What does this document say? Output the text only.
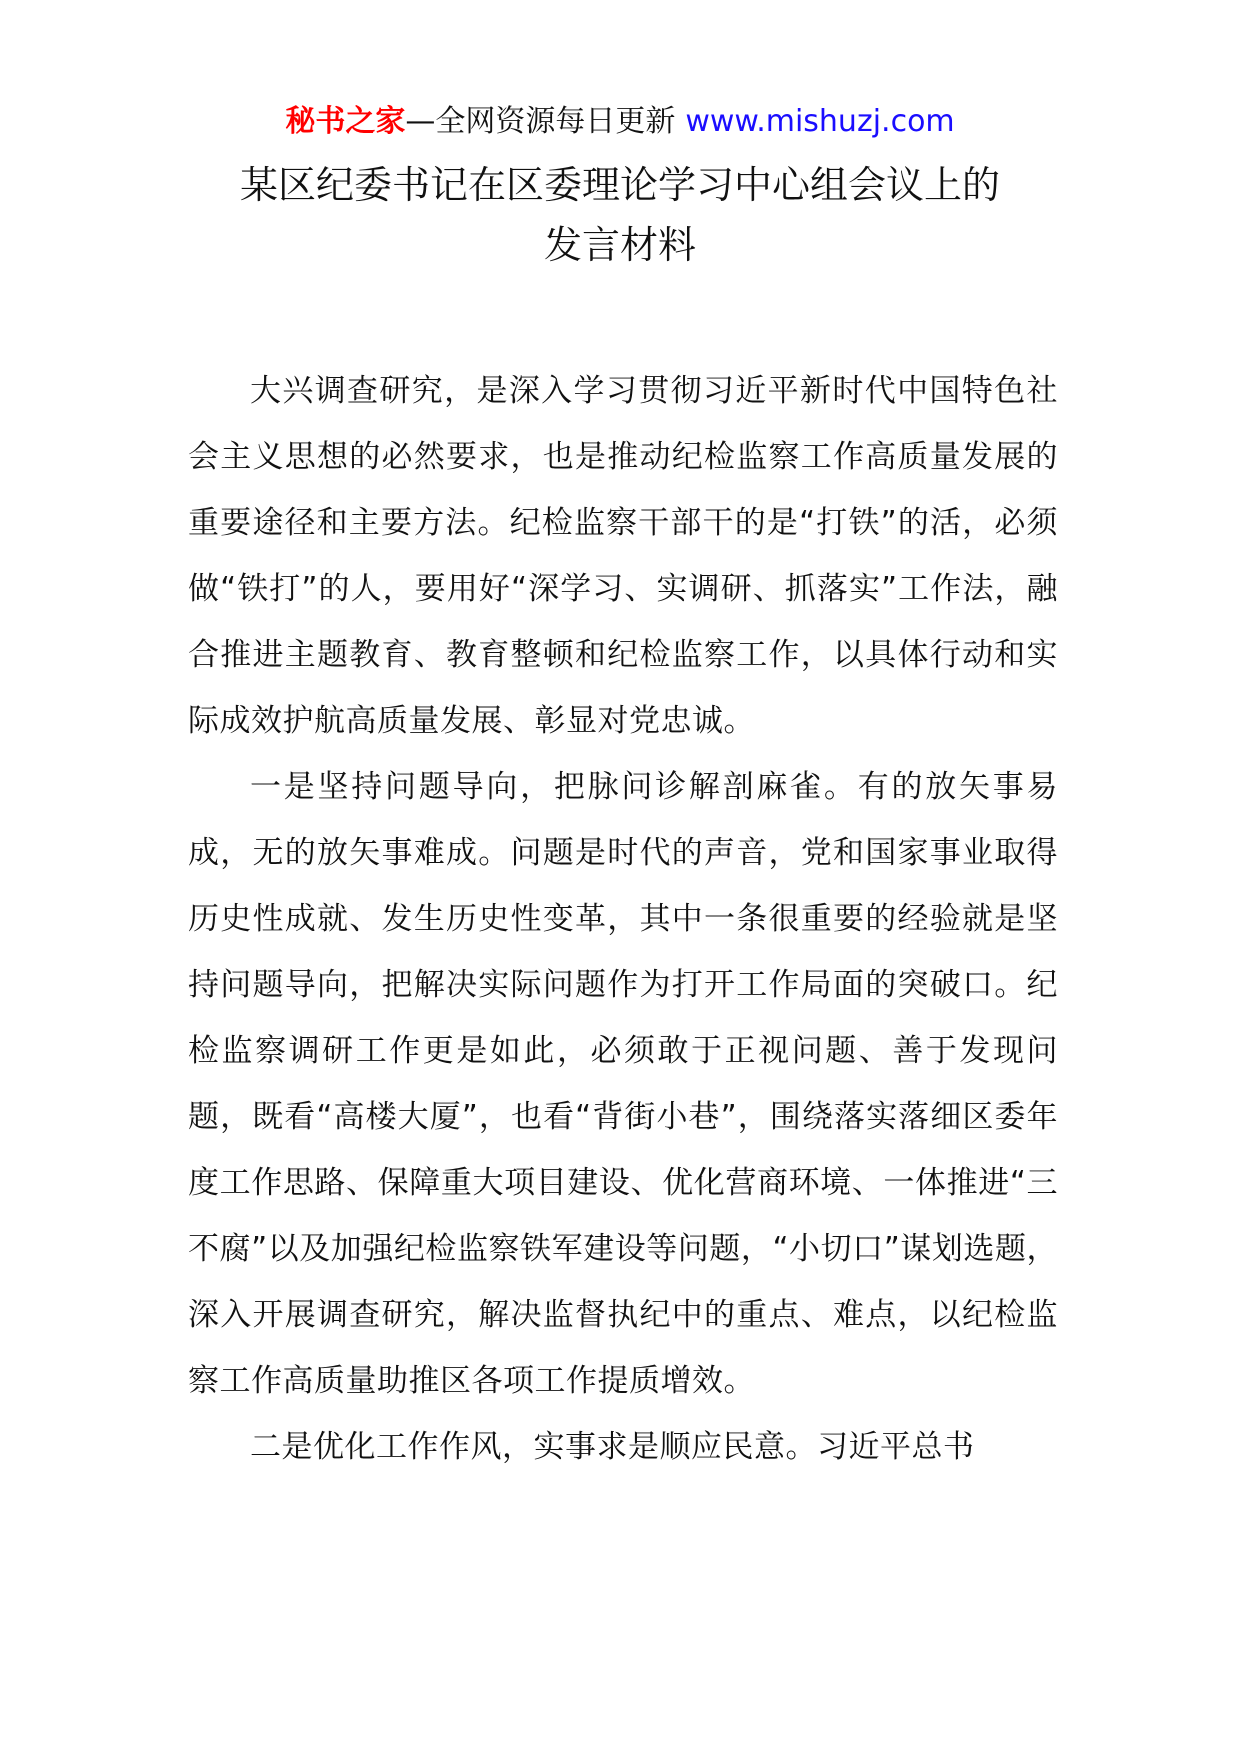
秘书之家—全网资源每日更新 www.mishuzj.com
某区纪委书记在区委理论学习中心组会议上的
发言材料

大兴调查研究，是深入学习贯彻习近平新时代中国特色社会主义思想的必然要求，也是推动纪检监察工作高质量发展的重要途径和主要方法。纪检监察干部干的是“打铁”的活，必须做“铁打”的人，要用好“深学习、实调研、抓落实”工作法，融合推进主题教育、教育整顿和纪检监察工作，以具体行动和实际成效护航高质量发展、彰显对党忠诚。

一是坚持问题导向，把脉问诊解剖麻雀。有的放矢事易成，无的放矢事难成。问题是时代的声音，党和国家事业取得历史性成就、发生历史性变革，其中一条很重要的经验就是坚持问题导向，把解决实际问题作为打开工作局面的突破口。纪检监察调研工作更是如此，必须敢于正视问题、善于发现问题，既看“高楼大厦”，也看“背街小巷”，围绕落实落细区委年度工作思路、保障重大项目建设、优化营商环境、一体推进“三不腐”以及加强纪检监察铁军建设等问题，“小切口”谋划选题，深入开展调查研究，解决监督执纪中的重点、难点，以纪检监察工作高质量助推区各项工作提质增效。

二是优化工作作风，实事求是顺应民意。习近平总书
